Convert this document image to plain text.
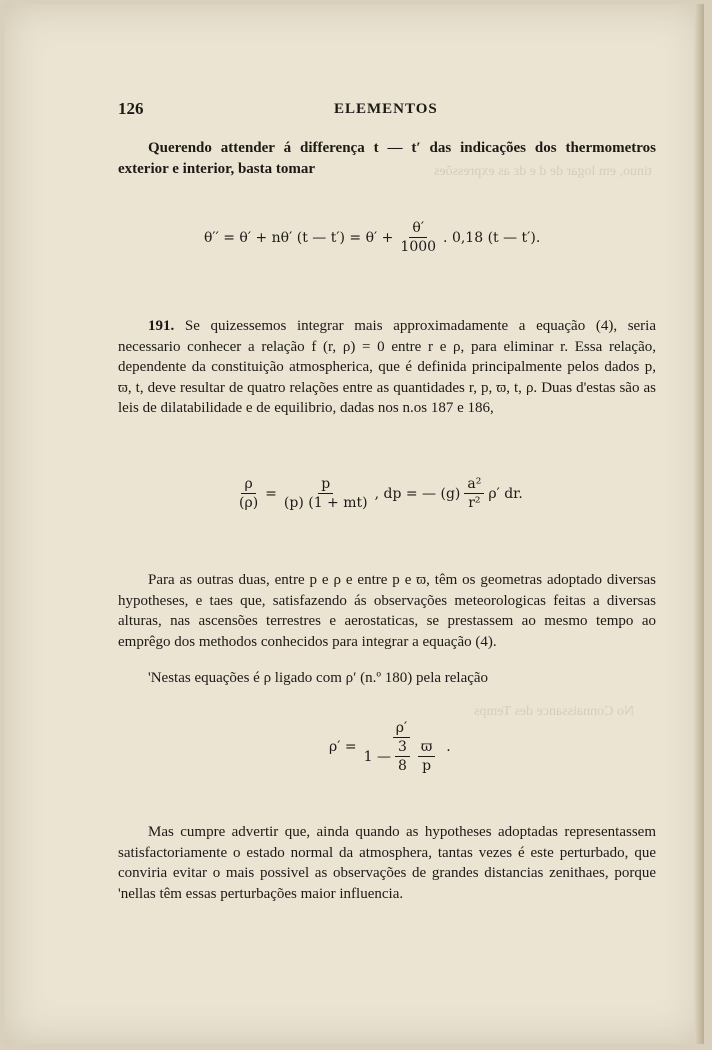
tinuo, em logar de d e dε as expressões
No Connaissance des Temps
126	ELEMENTOS

Querendo attender á differença t — t′ das indicações dos thermometros exterior e interior, basta tomar

θ′′ = θ′ + nθ′ (t — $t') = \theta' + \frac{\theta'}{1000}$ . 0,18 (t — t′).

191. Se quizessemos integrar mais approximadamente a equação (4), seria necessario conhecer a relação f (r, ρ) = 0 entre r e ρ, para eliminar r. Essa relação, dependente da constituição atmospherica, que é definida principalmente pelos dados p, ϖ, t, deve resultar de quatro relações entre as quantidades r, p, ϖ, t, ρ. Duas d'estas são as leis de dilatabilidade e de equilibrio, dadas nos n.os 187 e 186,

$\frac{\rho}{(\rho)} = \frac{p}{(p) (1 + mt)}$ , dp = — $(g) \frac{\text{a²}}{\text{r²}} \rho'$ dr.

Para as outras duas, entre p e ρ e entre p e ϖ, têm os geometras adoptado diversas hypotheses, e taes que, satisfazendo ás observações meteorologicas feitas a diversas alturas, nas ascensões terrestres e aerostaticas, se prestassem ao mesmo tempo ao emprêgo dos methodos conhecidos para integrar a equação (4).

'Nestas equações é ρ ligado com ρ′ (n.º 180) pela relação

ρ′ =
ρ′
1 — $\frac{3}{8} \frac{ϖ}{p}$ .

Mas cumpre advertir que, ainda quando as hypotheses adoptadas representassem satisfactoriamente o estado normal da atmosphera, tantas vezes é este perturbado, que conviria evitar o mais possivel as observações de grandes distancias zenithaes, porque 'nellas têm essas perturbações maior influencia.
